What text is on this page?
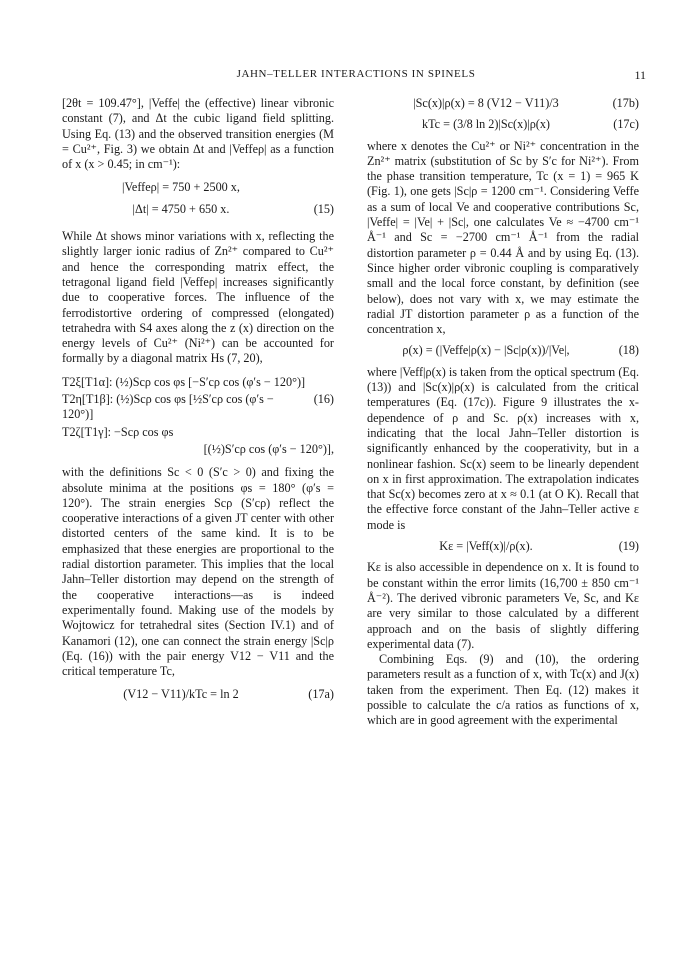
JAHN–TELLER INTERACTIONS IN SPINELS	11

[2θt = 109.47°], |Veffe| the (effective) linear vibronic constant (7), and Δt the cubic ligand field splitting. Using Eq. (13) and the observed transition energies (M = Cu²⁺, Fig. 3) we obtain Δt and |Veffeρ| as a function of x (x > 0.45; in cm⁻¹):

|Veffeρ| = 750 + 2500 x,
|Δt| = 4750 + 650 x.	(15)

While Δt shows minor variations with x, reflecting the slightly larger ionic radius of Zn²⁺ compared to Cu²⁺ and hence the corresponding matrix effect, the tetragonal ligand field |Veffeρ| increases significantly due to cooperative forces. The influence of the ferrodistortive ordering of compressed (elongated) tetrahedra with S4 axes along the z (x) direction on the energy levels of Cu²⁺ (Ni²⁺) can be accounted for formally by a diagonal matrix Hs (7, 20),

T2ξ[T1α]: (½)Scρ cos φs [−S′cρ cos (φ′s − 120°)]
T2η[T1β]: (½)Scρ cos φs [½S′cρ cos (φ′s − 120°)]
(16)
T2ζ[T1γ]: −Scρ cos φs
[(½)S′cρ cos (φ′s − 120°)],

with the definitions Sc < 0 (S′c > 0) and fixing the absolute minima at the positions φs = 180° (φ′s = 120°). The strain energies Scρ (S′cρ) reflect the cooperative interactions of a given JT center with other distorted centers of the same kind. It is to be emphasized that these energies are proportional to the radial distortion parameter. This implies that the local Jahn–Teller distortion may depend on the strength of the cooperative interactions—as is indeed experimentally found. Making use of the models by Wojtowicz for tetrahedral sites (Section IV.1) and of Kanamori (12), one can connect the strain energy |Sc|ρ (Eq. (16)) with the pair energy V12 − V11 and the critical temperature Tc,

(V12 − V11)/kTc = ln 2	(17a)
|Sc(x)|ρ(x) = 8 (V12 − V11)/3	(17b)
kTc = (3/8 ln 2)|Sc(x)|ρ(x)	(17c)

where x denotes the Cu²⁺ or Ni²⁺ concentration in the Zn²⁺ matrix (substitution of Sc by S′c for Ni²⁺). From the phase transition temperature, Tc (x = 1) = 965 K (Fig. 1), one gets |Sc|ρ = 1200 cm⁻¹. Considering Veffe as a sum of local Ve and cooperative contributions Sc, |Veffe| = |Ve| + |Sc|, one calculates Ve ≈ −4700 cm⁻¹ Å⁻¹ and Sc = −2700 cm⁻¹ Å⁻¹ from the radial distortion parameter ρ = 0.44 Å and by using Eq. (13). Since higher order vibronic coupling is comparatively small and the local force constant, by definition (see below), does not vary with x, we may estimate the radial JT distortion parameter ρ as a function of the concentration x,

ρ(x) = (|Veffe|ρ(x) − |Sc|ρ(x))/|Ve|,	(18)

where |Veff|ρ(x) is taken from the optical spectrum (Eq. (13)) and |Sc(x)|ρ(x) is calculated from the critical temperatures (Eq. (17c)). Figure 9 illustrates the x-dependence of ρ and Sc. ρ(x) increases with x, indicating that the local Jahn–Teller distortion is significantly enhanced by the cooperativity, but in a nonlinear fashion. Sc(x) seem to be linearly dependent on x in first approximation. The extrapolation indicates that Sc(x) becomes zero at x ≈ 0.1 (at O K). Recall that the effective force constant of the Jahn–Teller active ε mode is

Kε = |Veff(x)|/ρ(x).	(19)

Kε is also accessible in dependence on x. It is found to be constant within the error limits (16,700 ± 850 cm⁻¹ Å⁻²). The derived vibronic parameters Ve, Sc, and Kε are very similar to those calculated by a different approach and on the basis of slightly differing experimental data (7).

Combining Eqs. (9) and (10), the ordering parameters result as a function of x, with Tc(x) and J(x) taken from the experiment. Then Eq. (12) makes it possible to calculate the c/a ratios as functions of x, which are in good agreement with the experimental
